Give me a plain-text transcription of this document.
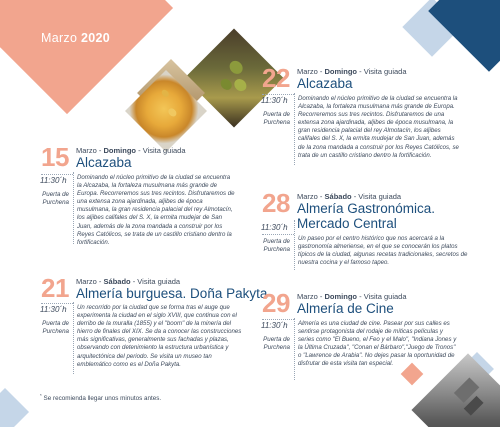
Marzo 2020
15 Marzo - Domingo - Visita guiada
Alcazaba
11:30´h
Puerta de
Purchena
Dominando el núcleo primitivo de la ciudad se encuentra la Alcazaba, la fortaleza musulmana más grande de Europa. Recorreremos sus tres recintos. Disfrutaremos de una extensa zona ajardinada, aljibes de época musulmana, la gran residencia palacial del rey Almotacín, los aljibes califales del S. X, la ermita mudejar de San Juan, además de la zona mandada a construir por los Reyes Católicos, se trata de un castillo cristiano dentro la fortificación.
21 Marzo - Sábado - Visita guiada
Almería burguesa. Doña Pakyta
11:30´h
Puerta de
Purchena
Un recorrido por la ciudad que se forma tras el auge que experimenta la ciudad en el siglo XVIII, que continua con el derribo de la muralla (1855) y el "boom" de la minería del hierro de finales del XIX. Se da a conocer las construcciones más significativas, generalmente sus fachadas y plazas, observando con detenimiento la estructura urbanística y arquitectónica del periodo. Se visita un museo tan emblemático como es el Doña Pakyta.
22 Marzo - Domingo - Visita guiada
Alcazaba
11:30´h
Puerta de
Purchena
Dominando el núcleo primitivo de la ciudad se encuentra la Alcazaba, la fortaleza musulmana más grande de Europa. Recorreremos sus tres recintos. Disfrutaremos de una extensa zona ajardinada, aljibes de época musulmana, la gran residencia palacial del rey Almotacín, los aljibes califales del S. X, la ermita mudejar de San Juan, además de la zona mandada a construir por los Reyes Católicos, se trata de un castillo cristiano dentro la fortificación.
28 Marzo - Sábado - Visita guiada
Almería Gastronómica.
Mercado Central
11:30´h
Puerta de
Purchena
Un paseo por el centro histórico que nos acercará a la gastronomía almeriense, en el que se conocerán los platos típicos de la ciudad, algunas recetas tradicionales, secretos de nuestra cocina y el famoso tapeo.
29 Marzo - Domingo - Visita guiada
Almería de Cine
11:30´h
Puerta de
Purchena
Almería es una ciudad de cine. Pasear por sus calles es sentirse protagonista del rodaje de míticas películas y series como "El Bueno, el Feo y el Malo", "Indiana Jones y la Última Cruzada", "Conan el Bárbaro","Juego de Tronos" o "Lawrence de Arabia". No dejes pasar la oportunidad de disfrutar de esta visita tan especial.
* Se recomienda llegar unos minutos antes.
